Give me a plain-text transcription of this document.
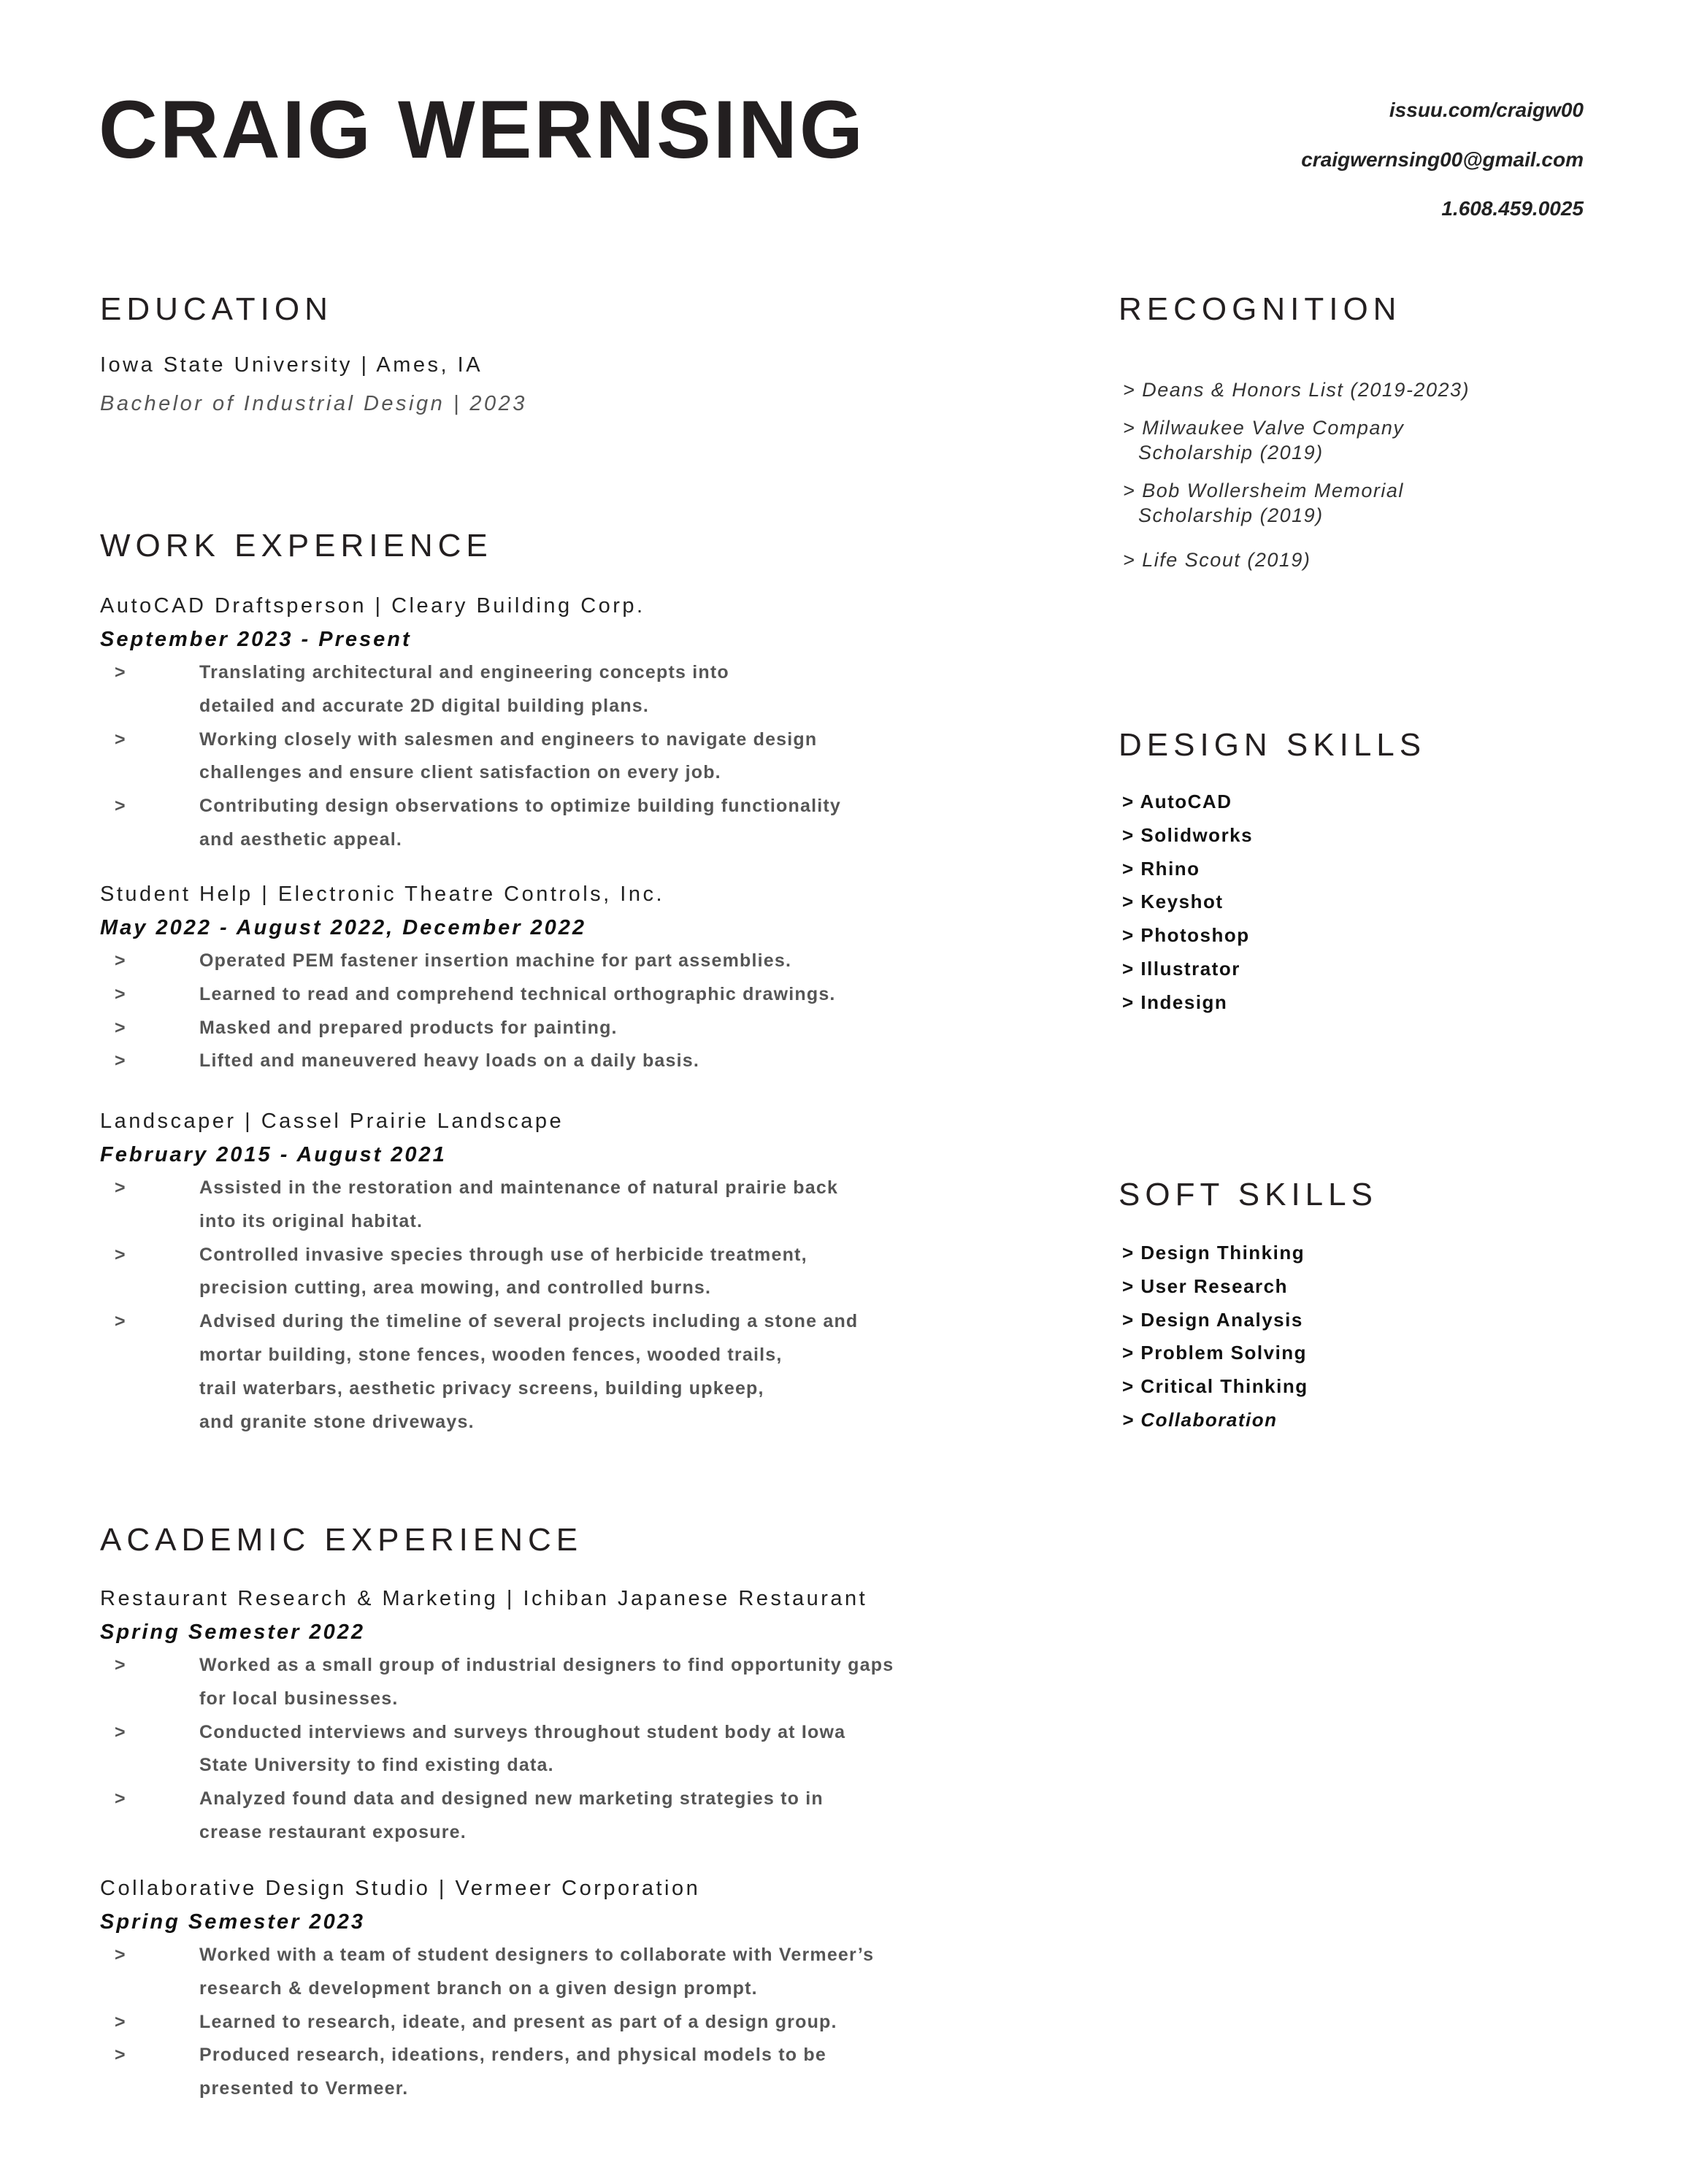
CRAIG WERNSING	issuu.com/craigw00
craigwernsing00@gmail.com
1.608.459.0025
EDUCATION
Iowa State University | Ames, IA
Bachelor of Industrial Design | 2023
WORK EXPERIENCE
AutoCAD Draftsperson | Cleary Building Corp.
September 2023 - Present
>	Translating architectural and engineering concepts into
detailed and accurate 2D digital building plans.
>	Working closely with salesmen and engineers to navigate design
challenges and ensure client satisfaction on every job.
>	Contributing design observations to optimize building functionality
and aesthetic appeal.
Student Help | Electronic Theatre Controls, Inc.
May 2022 - August 2022, December 2022
>	Operated PEM fastener insertion machine for part assemblies.
>	Learned to read and comprehend technical orthographic drawings.
>	Masked and prepared products for painting.
>	Lifted and maneuvered heavy loads on a daily basis.
Landscaper | Cassel Prairie Landscape
February 2015 - August 2021
>	Assisted in the restoration and maintenance of natural prairie back
into its original habitat.
>	Controlled invasive species through use of herbicide treatment,
precision cutting, area mowing, and controlled burns.
>	Advised during the timeline of several projects including a stone and
mortar building, stone fences, wooden fences, wooded trails,
trail waterbars, aesthetic privacy screens, building upkeep,
and granite stone driveways.
ACADEMIC EXPERIENCE
Restaurant Research & Marketing | Ichiban Japanese Restaurant
Spring Semester 2022
>	Worked as a small group of industrial designers to find opportunity gaps
for local businesses.
>	Conducted interviews and surveys throughout student body at Iowa
State University to find existing data.
>	Analyzed found data and designed new marketing strategies to in
crease restaurant exposure.
Collaborative Design Studio | Vermeer Corporation
Spring Semester 2023
>	Worked with a team of student designers to collaborate with Vermeer’s
research & development branch on a given design prompt.
>	Learned to research, ideate, and present as part of a design group.
>	Produced research, ideations, renders, and physical models to be
presented to Vermeer.
RECOGNITION
> Deans & Honors List (2019-2023)
> Milwaukee Valve Company
Scholarship (2019)
> Bob Wollersheim Memorial
Scholarship (2019)
> Life Scout (2019)
DESIGN SKILLS
> AutoCAD
> Solidworks
> Rhino
> Keyshot
> Photoshop
> Illustrator
> Indesign
SOFT SKILLS
> Design Thinking
> User Research
> Design Analysis
> Problem Solving
> Critical Thinking
> Collaboration
